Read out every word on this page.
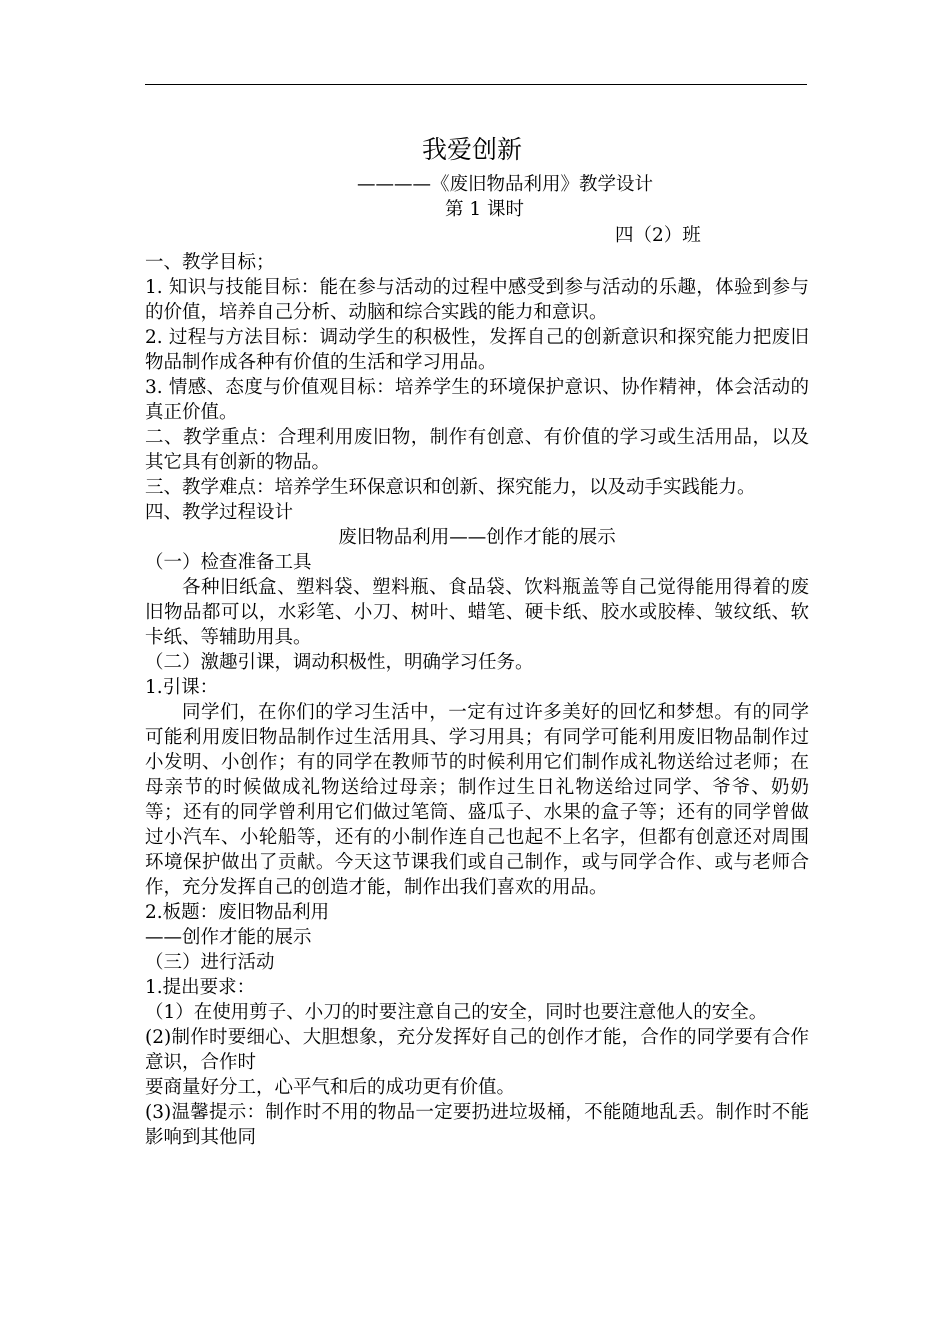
我爱创新
————《废旧物品利用》教学设计
第 1 课时
四（2）班

一、教学目标；

1. 知识与技能目标：能在参与活动的过程中感受到参与活动的乐趣，体验到参与的价值，培养自己分析、动脑和综合实践的能力和意识。

2. 过程与方法目标：调动学生的积极性，发挥自己的创新意识和探究能力把废旧物品制作成各种有价值的生活和学习用品。

3. 情感、态度与价值观目标：培养学生的环境保护意识、协作精神，体会活动的真正价值。

二、教学重点：合理利用废旧物，制作有创意、有价值的学习或生活用品，以及其它具有创新的物品。

三、教学难点：培养学生环保意识和创新、探究能力，以及动手实践能力。

四、教学过程设计

废旧物品利用——创作才能的展示

（一）检查准备工具

各种旧纸盒、塑料袋、塑料瓶、食品袋、饮料瓶盖等自己觉得能用得着的废旧物品都可以，水彩笔、小刀、树叶、蜡笔、硬卡纸、胶水或胶棒、皱纹纸、软卡纸、等辅助用具。

（二）激趣引课，调动积极性，明确学习任务。

1.引课：

同学们，在你们的学习生活中，一定有过许多美好的回忆和梦想。有的同学可能利用废旧物品制作过生活用具、学习用具；有同学可能利用废旧物品制作过小发明、小创作；有的同学在教师节的时候利用它们制作成礼物送给过老师；在母亲节的时候做成礼物送给过母亲；制作过生日礼物送给过同学、爷爷、奶奶等；还有的同学曾利用它们做过笔筒、盛瓜子、水果的盒子等；还有的同学曾做过小汽车、小轮船等，还有的小制作连自己也起不上名字，但都有创意还对周围环境保护做出了贡献。今天这节课我们或自己制作，或与同学合作、或与老师合作，充分发挥自己的创造才能，制作出我们喜欢的用品。

2.板题：废旧物品利用

——创作才能的展示

（三）进行活动

1.提出要求：

（1）在使用剪子、小刀的时要注意自己的安全，同时也要注意他人的安全。

(2)制作时要细心、大胆想象，充分发挥好自己的创作才能，合作的同学要有合作意识，合作时

要商量好分工，心平气和后的成功更有价值。

(3)温馨提示：制作时不用的物品一定要扔进垃圾桶，不能随地乱丢。制作时不能影响到其他同
